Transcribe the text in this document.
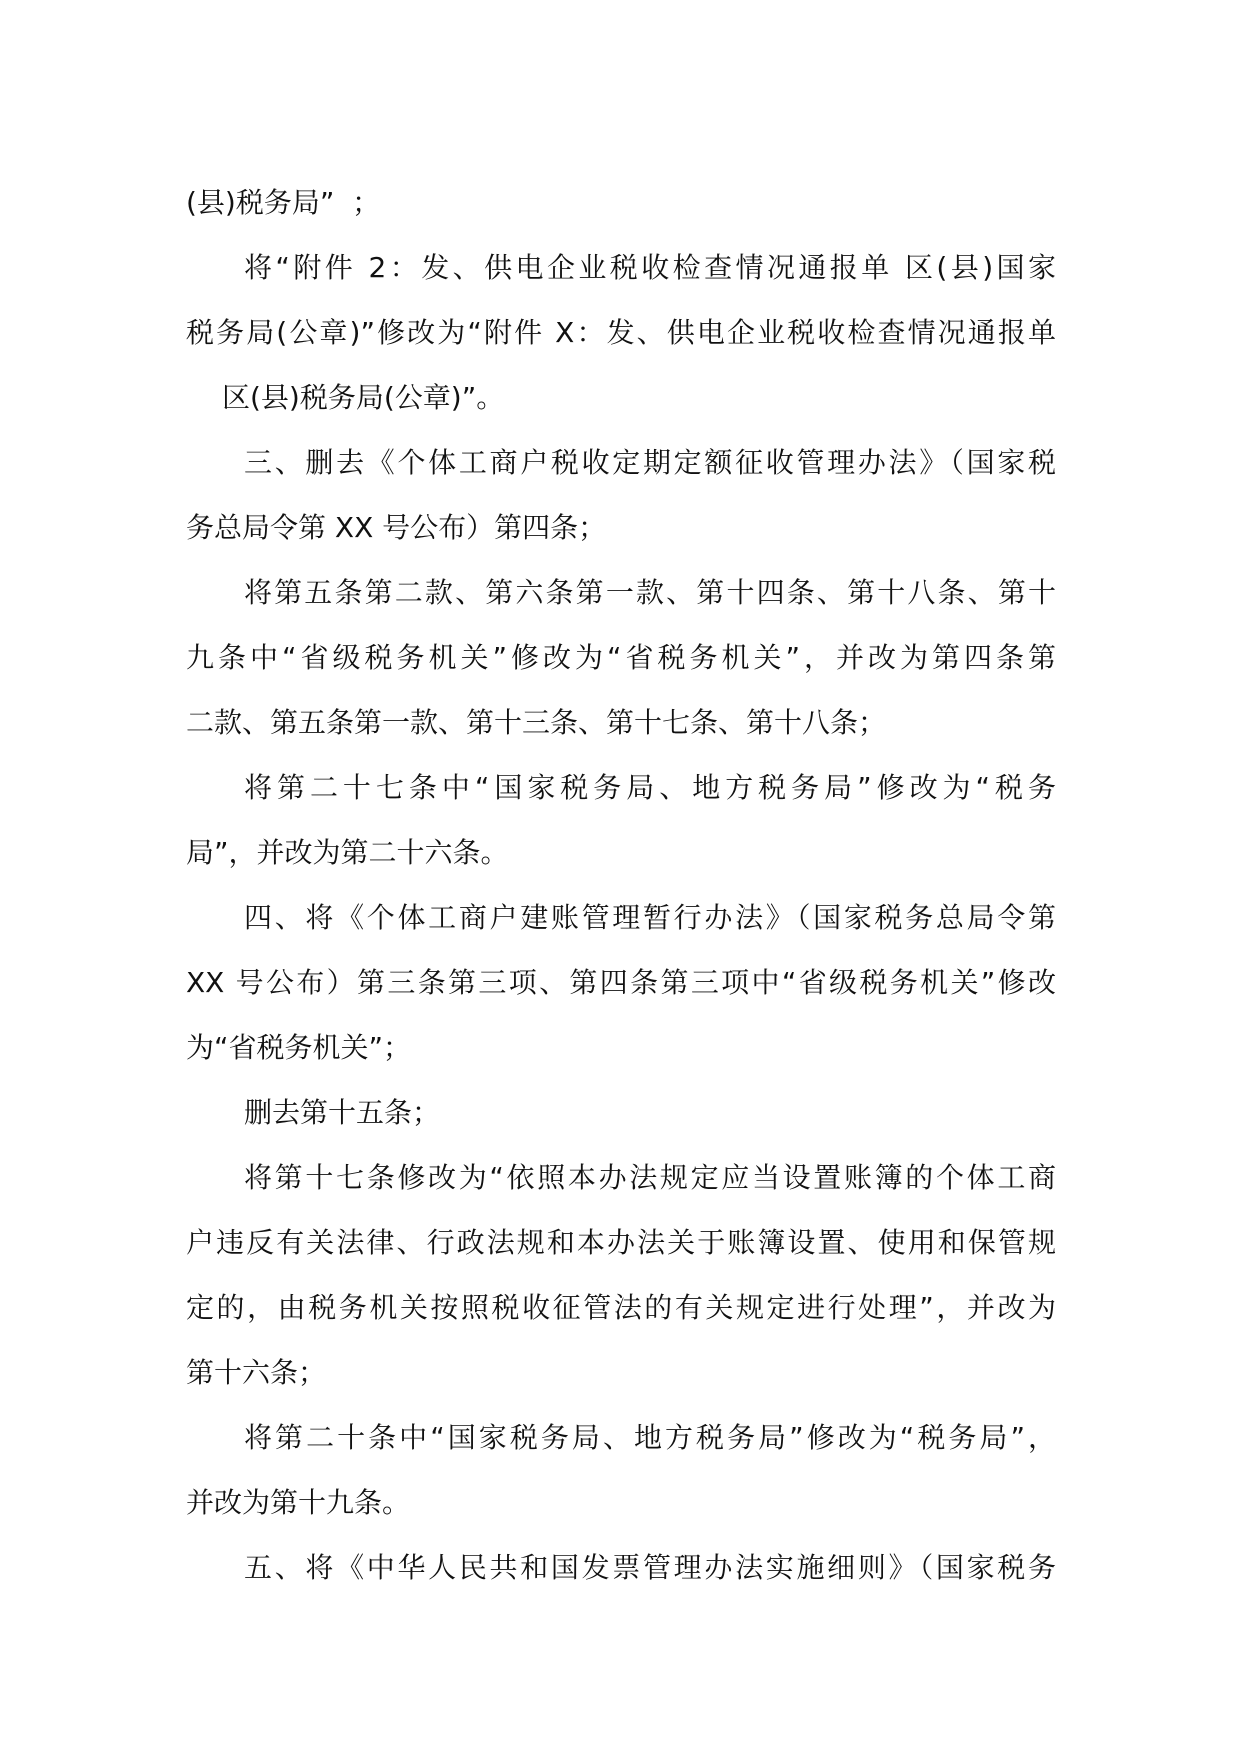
(县)税务局”  ；
将“附件 2：发、供电企业税收检查情况通报单 区(县)国家
税务局(公章)”修改为“附件 X：发、供电企业税收检查情况通报单
区(县)税务局(公章)”。
三、删去《个体工商户税收定期定额征收管理办法》（国家税
务总局令第 XX 号公布）第四条；
将第五条第二款、第六条第一款、第十四条、第十八条、第十
九条中“省级税务机关”修改为“省税务机关”，并改为第四条第
二款、第五条第一款、第十三条、第十七条、第十八条；
将第二十七条中“国家税务局、地方税务局”修改为“税务
局”，并改为第二十六条。
四、将《个体工商户建账管理暂行办法》（国家税务总局令第
XX 号公布）第三条第三项、第四条第三项中“省级税务机关”修改
为“省税务机关”；
删去第十五条；
将第十七条修改为“依照本办法规定应当设置账簿的个体工商
户违反有关法律、行政法规和本办法关于账簿设置、使用和保管规
定的，由税务机关按照税收征管法的有关规定进行处理”，并改为
第十六条；
将第二十条中“国家税务局、地方税务局”修改为“税务局”，
并改为第十九条。
五、将《中华人民共和国发票管理办法实施细则》（国家税务
